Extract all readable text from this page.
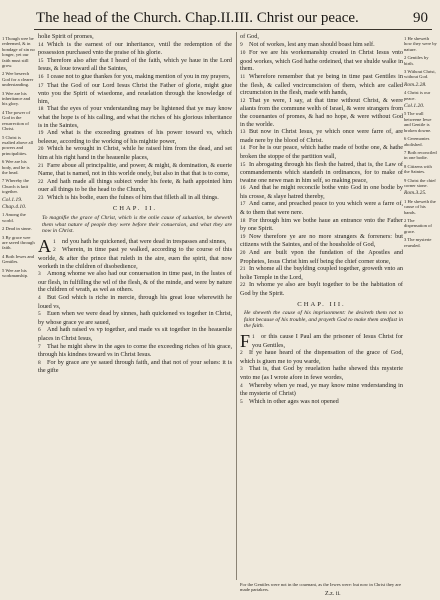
The head of the Church. Chap.II.III. Christ our peace.	90
1 Though wee be redeemed, & in bondage of sin no longer, yet our faith must still grow.
2 Wee beseech God for a clearer understanding.
3 Wee are his inheritance and his glory.
4 The power of God in the resurrection of Christ.
5 Christ is exalted above all powers and principalities.
6 Wee are his body, and he is the head.
7 Whereby the Church is knit together.
Col.1.19.
Chap.4.10.
1 Among the world.
2 Dead in sinne.
3 By grace wee are saved through faith.
4 Both Iewes and Gentiles.
5 Wee are his workmanship.

holie Spirit of promes,

14 Which is the earnest of our inheritance, vntil the redemption of the possession purchased vnto the praise of his glorie.

15 Therefore also after that I heard of the faith, which ye haue in the Lord Iesus, & loue toward all the Saintes,

16 I cease not to giue thankes for you, making mention of you in my prayers,

17 That the God of our Lord Iesus Christ the Father of glorie, might giue vnto you the Spirit of wisedome, and reuelation through the knowledge of him,

18 That the eyes of your vnderstanding may be lightened that ye may know what the hope is of his calling, and what the riches of his glorious inheritance is in the Saintes,

19 And what is the exceeding greatnes of his power toward vs, which beleeue, according to the working of his mightie power,

20 Which he wrought in Christ, while he raised him from the dead, and set him at his right hand in the heauenlie places,

21 Farre aboue all principalitie, and power, & might, & domination, & euerie Name, that is named, not in this worlde onely, but also in that that is to come,

22 And hath made all things subiect vnder his feete, & hath appointed him ouer all things to be the head to the Church,

23 Which is his bodie, euen the fulnes of him that filleth all in all things.

CHAP. II.

To magnifie the grace of Christ, which is the onlie cause of saluation, he sheweth them what nature of people they were before their conuersion, and what they are now in Christ.

1
A nd you hath he quickened, that were dead in trespasses and sinnes,

2 Wherein, in time past ye walked, according to the course of this worlde, & after the prince that ruleth in the aire, euen the spirit, that now worketh in the children of disobedience,

3 Among whome we also had our conuersation in time past, in the lustes of our flesh, in fulfilling the wil of the flesh, & of the minde, and were by nature the children of wrath, as wel as others.

4 But God which is riche in mercie, through his great loue wherewith he loued vs,

5 Euen when we were dead by sinnes, hath quickened vs together in Christ, by whose grace ye are saued,

6 And hath raised vs vp together, and made vs sit together in the heauenlie places in Christ Iesus,

7 That he might shew in the ages to come the exceeding riches of his grace, through his kindnes toward vs in Christ Iesus.

8 For by grace are ye saued through faith, and that not of your selues: it is the gifte

of God,

9 Not of workes, lest any man should boast him self.

10 For we are his workemanship created in Christ Iesus vnto good workes, which God hathe ordeined, that we shulde walke in them.

11 Wherefore remember that ye being in time past Gentiles in the flesh, & called vncircumcision of them, which are called circumcision in the flesh, made with hands,

12 That ye were, I say, at that time without Christ, & were aliants from the commune welth of Israel, & were strangers from the couenantes of promes, & had no hope, & were without God in the worlde.

13 But now in Christ Iesus, ye which once were farre of, are made nere by the blood of Christ.

14 For he is our peace, which hathe made of bothe one, & hathe broken the stoppe of the partition wall,

15 In abrogating through his flesh the hatred, that is, the Law of commandements which standeth in ordinances, for to make of twaine one newe man in him self, so making peace,

16 And that he might reconcile bothe vnto God in one bodie by his crosse, & slaye hatred thereby,

17 And came, and preached peace to you which were a farre of, & to them that were nere.

18 For through him we bothe haue an entrance vnto the Father by one Spirit.

19 Now therefore ye are no more strangers & forreners: but citizens with the Saintes, and of the housholde of God,

20 And are built vpon the fundation of the Apostles and Prophetes, Iesus Christ him self being the chief corner stone,

21 In whome all the buylding coupled together, groweth vnto an holie Temple in the Lord,

22 In whome ye also are buylt together to be the habitation of God by the Spirit.

CHAP. III.

He sheweth the cause of his imprisonment: he desireth them not to faint because of his trouble, and prayeth God to make them stedfast in the faith.

1
F or this cause I Paul am the prisoner of Iesus Christ for you Gentiles,

2 If ye haue heard of the dispensation of the grace of God, which is giuen me to you warde,

3 That is, that God by reuelation hathe shewed this mysterie vnto me (as I wrote afore in fewe wordes,

4 Whereby when ye read, ye may know mine vnderstanding in the mysterie of Christ)

5 Which in other ages was not opened

1 He sheweth how they were by nature.
2 Gentiles by birth.
3 Without Christ, without God.
Rom.2.28.
4 Christ is our peace.
Col.1.20.
5 The wall betweene Iewe and Gentile is broken downe.
6 Ceremonies abolished.
7 Both reconciled in one bodie.
8 Citizens with the Saintes.
9 Christ the chief corner stone.
Rom.3.25.
1 He sheweth the cause of his bands.
2 The dispensation of grace.
3 The mysterie reuealed.
For the Gentiles were not in the couenant, as the Iewes were: but now in Christ they are made partakers.
Z.z. ii.
